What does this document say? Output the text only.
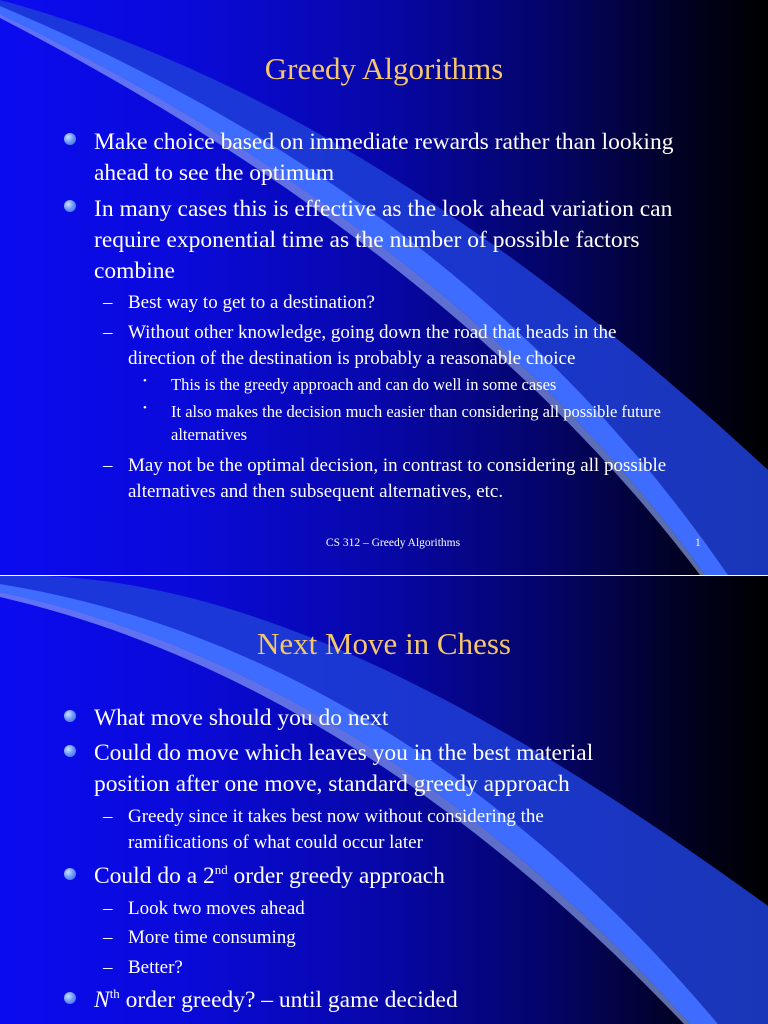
Greedy Algorithms
Make choice based on immediate rewards rather than looking ahead to see the optimum
In many cases this is effective as the look ahead variation can require exponential time as the number of possible factors combine
– Best way to get to a destination?
– Without other knowledge, going down the road that heads in the direction of the destination is probably a reasonable choice
• This is the greedy approach and can do well in some cases
• It also makes the decision much easier than considering all possible future alternatives
– May not be the optimal decision, in contrast to considering all possible alternatives and then subsequent alternatives, etc.
CS 312 – Greedy Algorithms	1
Next Move in Chess
What move should you do next
Could do move which leaves you in the best material position after one move, standard greedy approach
– Greedy since it takes best now without considering the ramifications of what could occur later
Could do a 2nd order greedy approach
– Look two moves ahead
– More time consuming
– Better?
$N^{th}$ order greedy? – until game decided
